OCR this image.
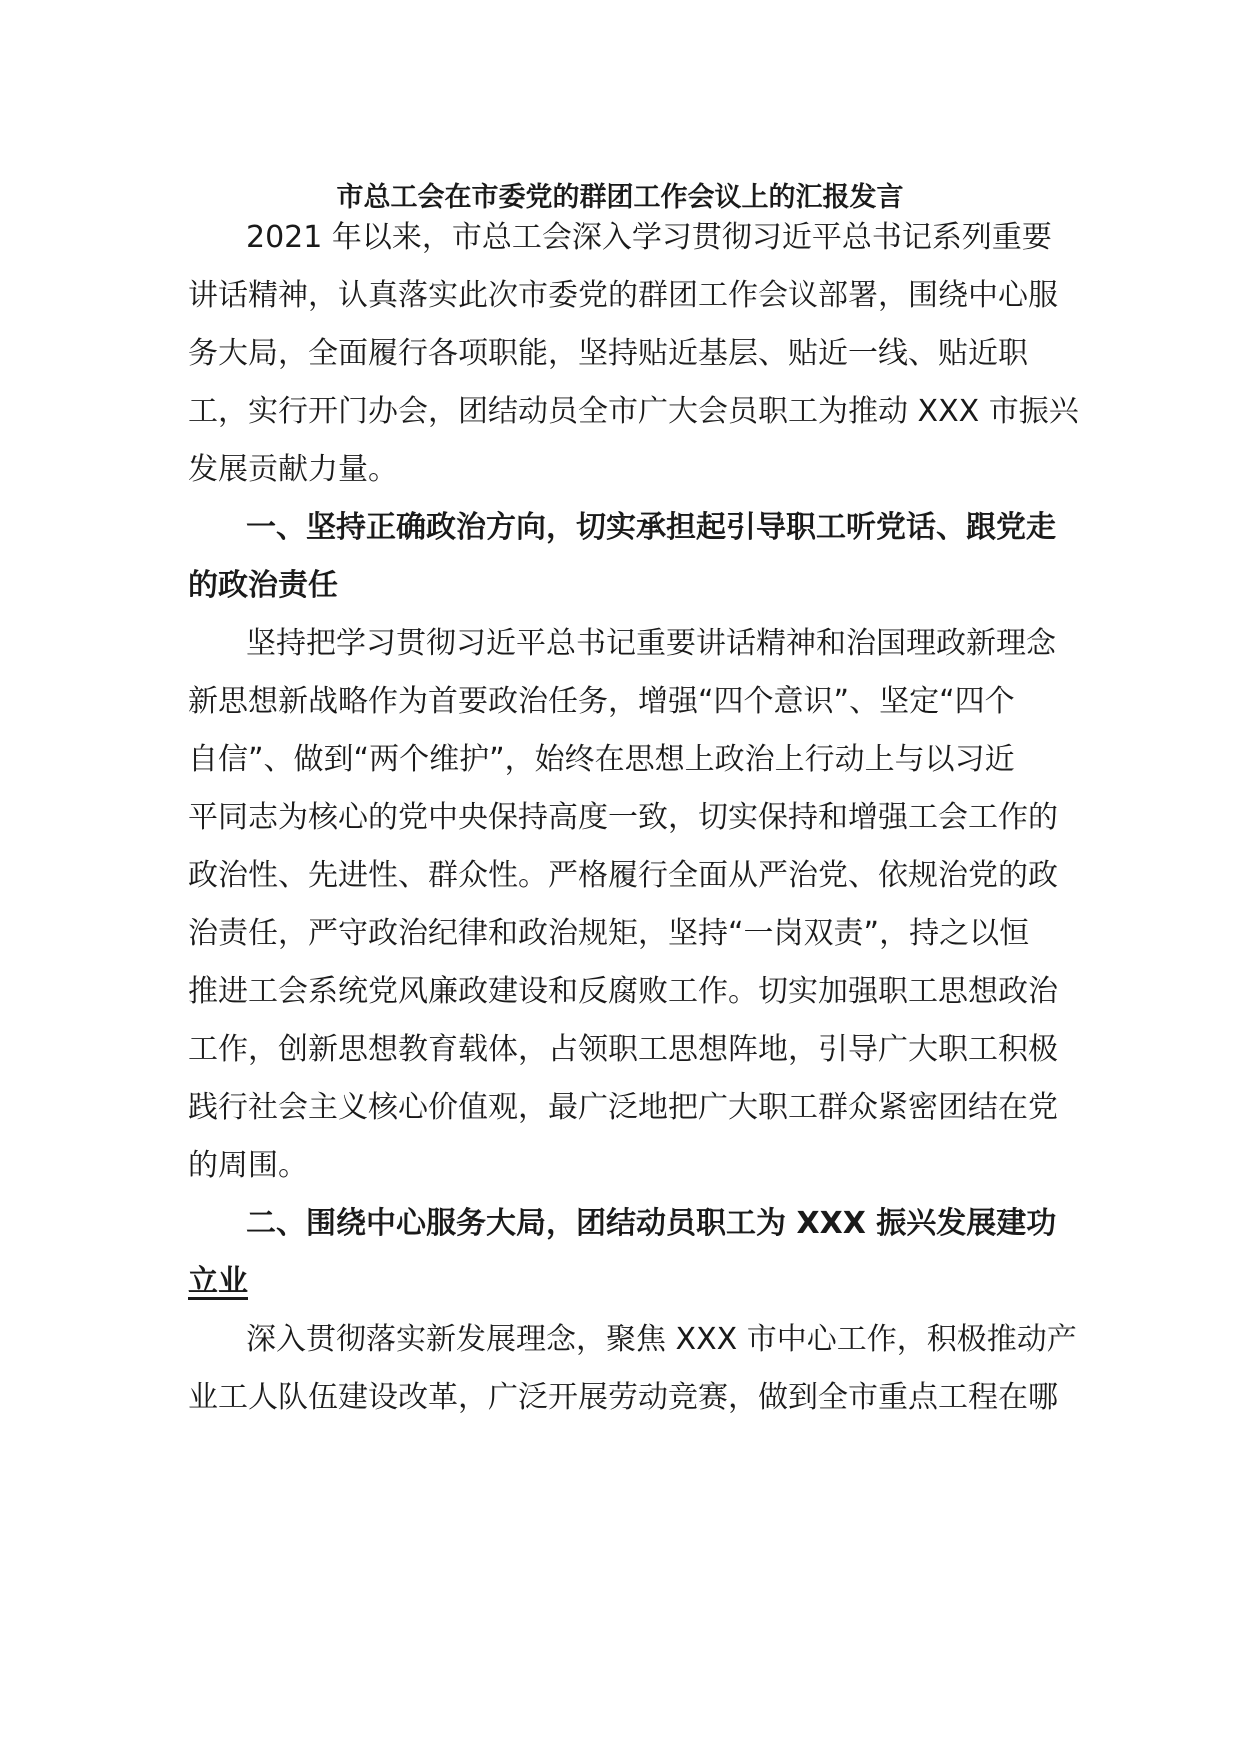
市总工会在市委党的群团工作会议上的汇报发言
2021 年以来，市总工会深入学习贯彻习近平总书记系列重要
讲话精神，认真落实此次市委党的群团工作会议部署，围绕中心服
务大局，全面履行各项职能，坚持贴近基层、贴近一线、贴近职
工，实行开门办会，团结动员全市广大会员职工为推动 XXX 市振兴
发展贡献力量。
一、坚持正确政治方向，切实承担起引导职工听党话、跟党走
的政治责任
坚持把学习贯彻习近平总书记重要讲话精神和治国理政新理念
新思想新战略作为首要政治任务，增强“四个意识”、坚定“四个
自信”、做到“两个维护”，始终在思想上政治上行动上与以习近
平同志为核心的党中央保持高度一致，切实保持和增强工会工作的
政治性、先进性、群众性。严格履行全面从严治党、依规治党的政
治责任，严守政治纪律和政治规矩，坚持“一岗双责”，持之以恒
推进工会系统党风廉政建设和反腐败工作。切实加强职工思想政治
工作，创新思想教育载体，占领职工思想阵地，引导广大职工积极
践行社会主义核心价值观，最广泛地把广大职工群众紧密团结在党
的周围。
二、围绕中心服务大局，团结动员职工为 XXX 振兴发展建功
立业
深入贯彻落实新发展理念，聚焦 XXX 市中心工作，积极推动产
业工人队伍建设改革，广泛开展劳动竞赛，做到全市重点工程在哪
